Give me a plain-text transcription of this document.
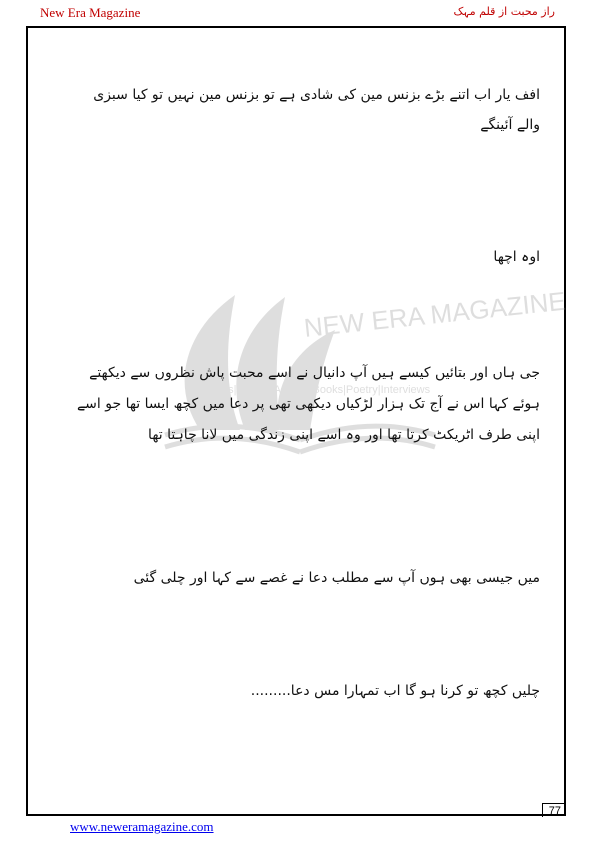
New Era Magazine	راز محبت از قلم مہک
NEW ERA MAGAZINE
Novels|Afsana|Articles|Books|Poetry|Interviews
افف یار اب اتنے بڑے بزنس مین کی شادی ہے تو بزنس مین نہیں تو کیا سبزی والے آئینگے
اوہ اچھا
جی ہاں اور بتائیں کیسے ہیں آپ دانیال نے اسے محبت پاش نظروں سے دیکھتے ہوئے کہا اس نے آج تک ہزار لڑکیاں دیکھی تھی پر دعا میں کچھ ایسا تھا جو اسے اپنی طرف اٹریکٹ کرتا تھا اور وہ اسے اپنی زندگی میں لانا چاہتا تھا
میں جیسی بھی ہوں آپ سے مطلب دعا نے غصے سے کہا اور چلی گئی
چلیں کچھ تو کرنا ہو گا اب تمہارا مس دعا.........
77
www.neweramagazine.com
